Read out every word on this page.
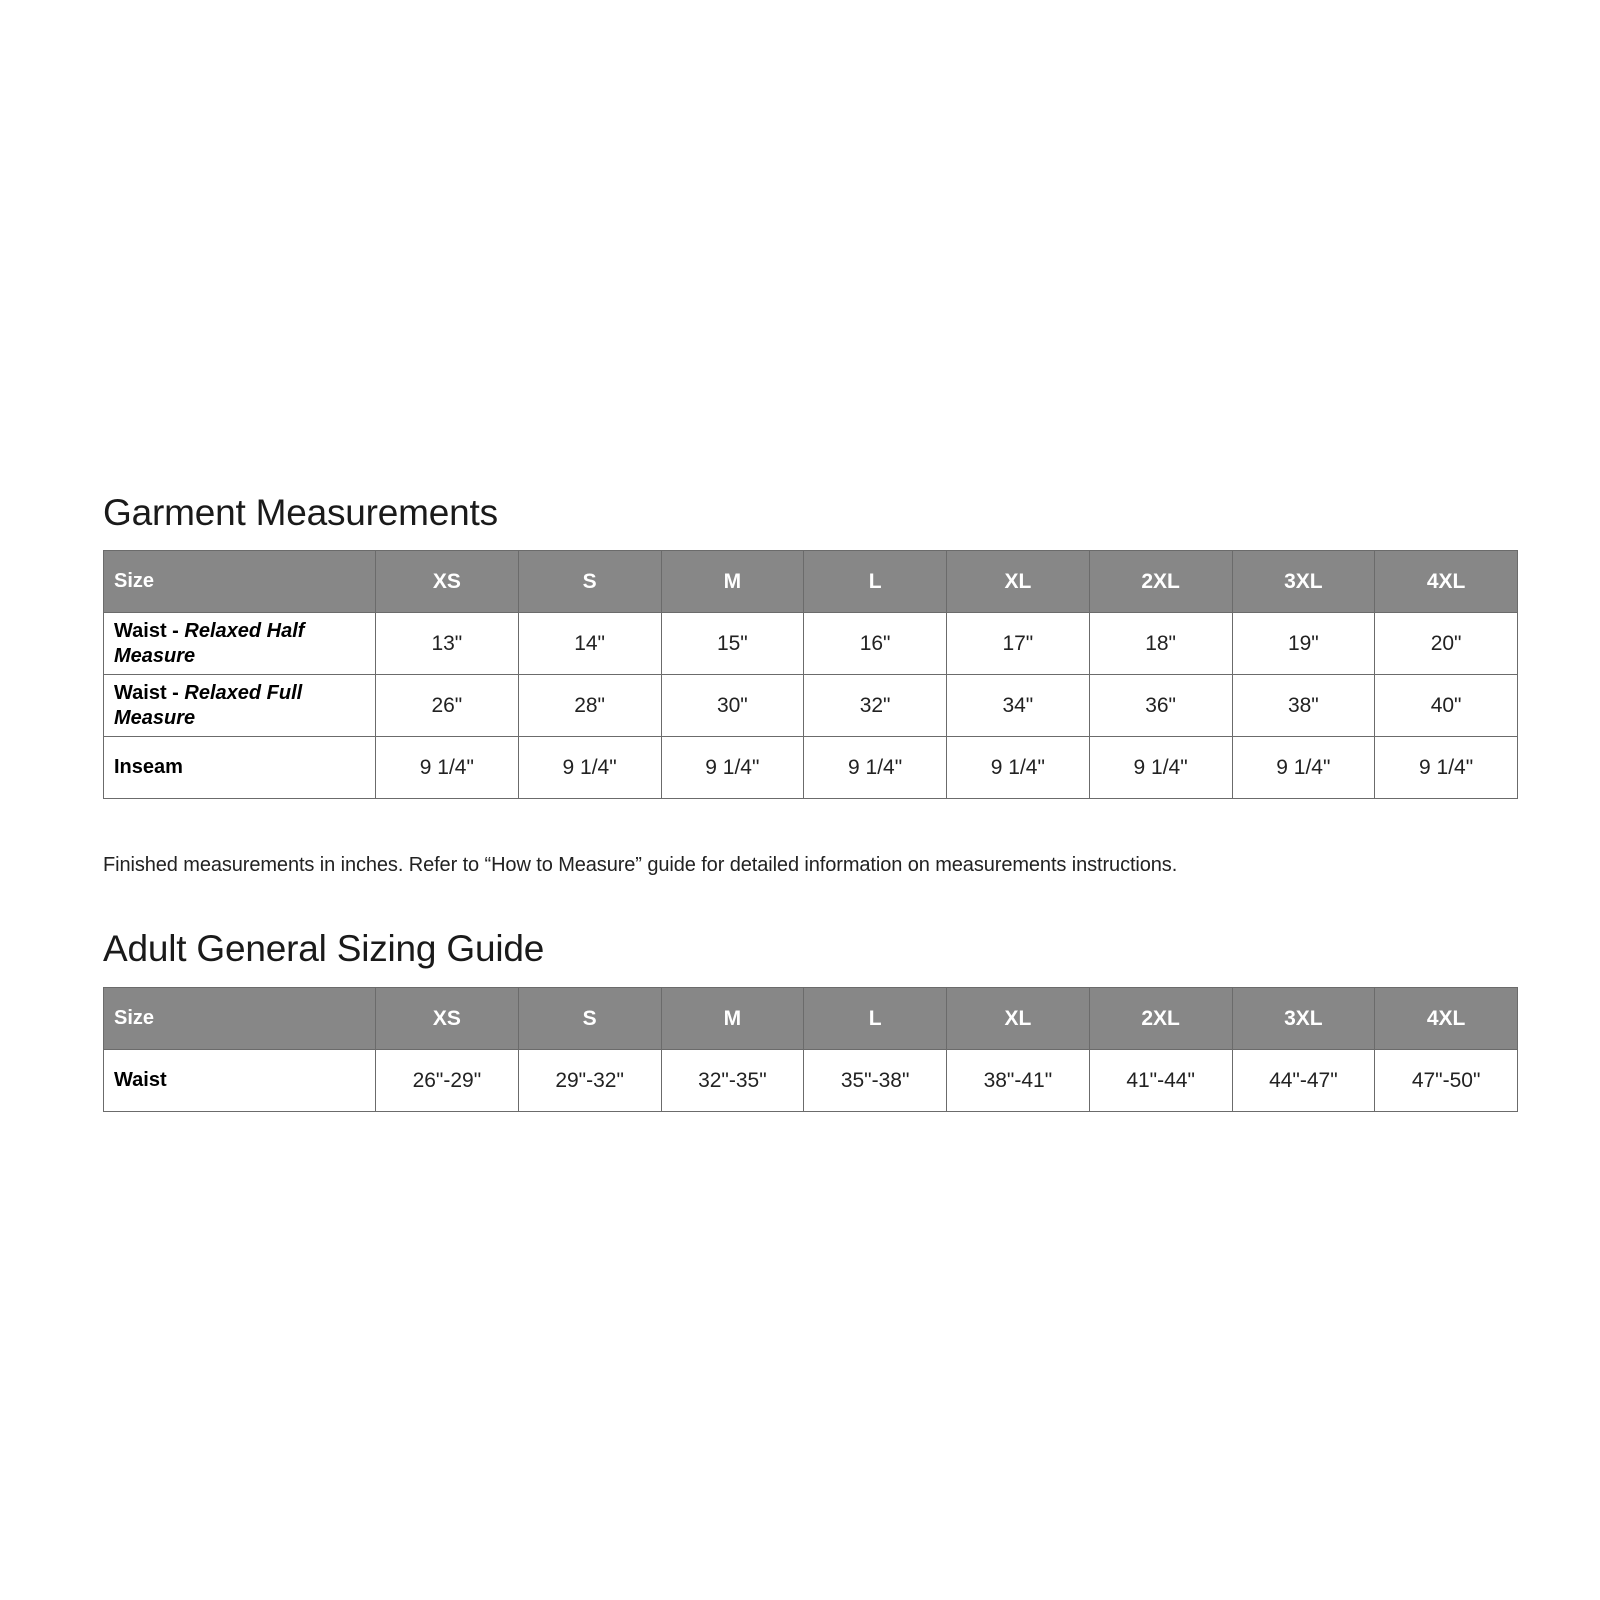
Garment Measurements
Size	XS	S	M	L	XL	2XL	3XL	4XL
Waist - Relaxed Half Measure	13"	14"	15"	16"	17"	18"	19"	20"
Waist - Relaxed Full Measure	26"	28"	30"	32"	34"	36"	38"	40"
Inseam	9 1/4"	9 1/4"	9 1/4"	9 1/4"	9 1/4"	9 1/4"	9 1/4"	9 1/4"

Finished measurements in inches. Refer to “How to Measure” guide for detailed information on measurements instructions.

Adult General Sizing Guide
Size	XS	S	M	L	XL	2XL	3XL	4XL
Waist	26"-29"	29"-32"	32"-35"	35"-38"	38"-41"	41"-44"	44"-47"	47"-50"
